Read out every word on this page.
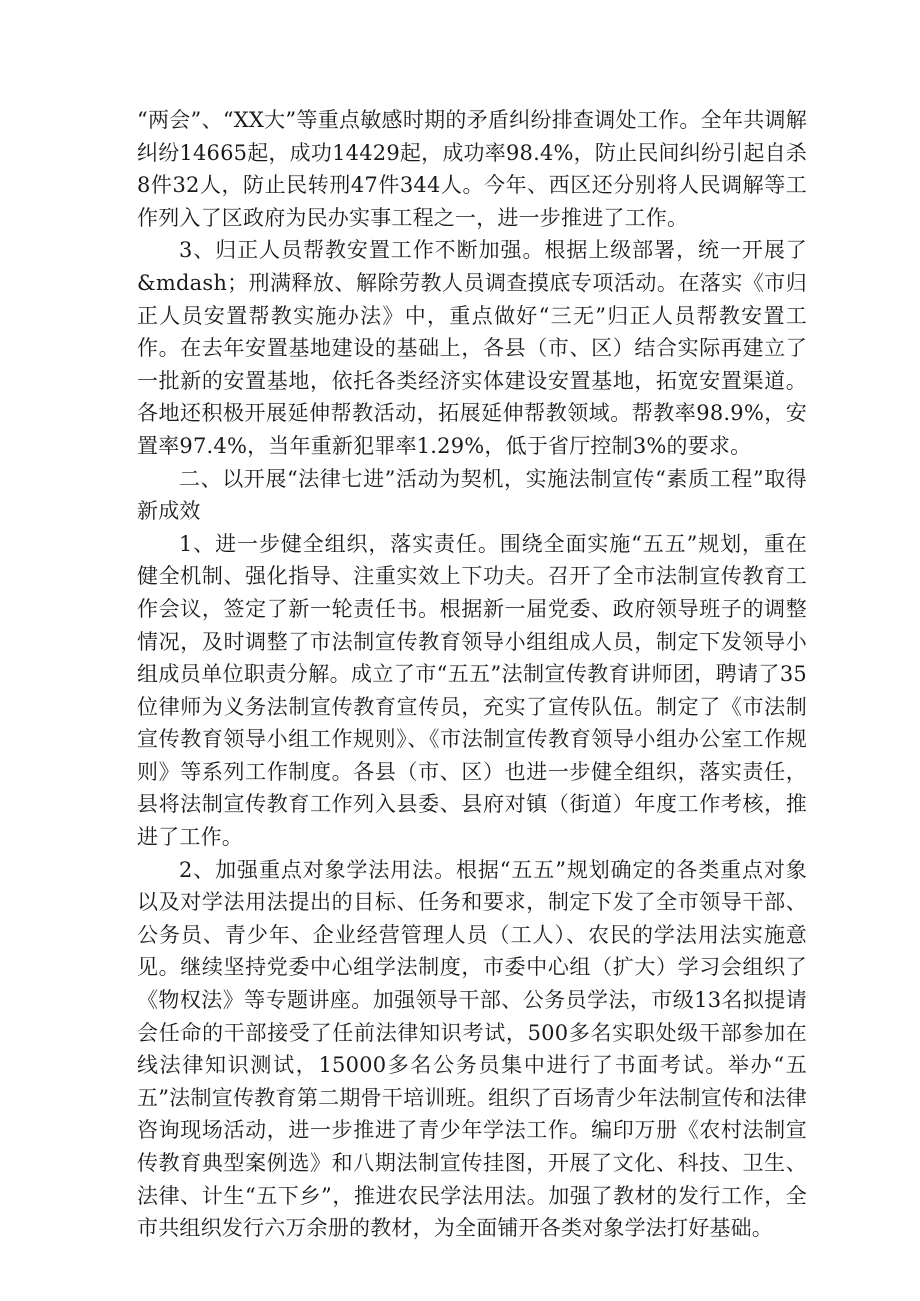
“两会”、“XX大”等重点敏感时期的矛盾纠纷排查调处工作。全年共调解纠纷14665起，成功14429起，成功率98.4%，防止民间纠纷引起自杀8件32人，防止民转刑47件344人。今年、西区还分别将人民调解等工作列入了区政府为民办实事工程之一，进一步推进了工作。

3、归正人员帮教安置工作不断加强。根据上级部署，统一开展了&mdash；刑满释放、解除劳教人员调查摸底专项活动。在落实《市归正人员安置帮教实施办法》中，重点做好“三无”归正人员帮教安置工作。在去年安置基地建设的基础上，各县（市、区）结合实际再建立了一批新的安置基地，依托各类经济实体建设安置基地，拓宽安置渠道。各地还积极开展延伸帮教活动，拓展延伸帮教领域。帮教率98.9%，安置率97.4%，当年重新犯罪率1.29%，低于省厅控制3%的要求。

二、以开展“法律七进”活动为契机，实施法制宣传“素质工程”取得新成效

1、进一步健全组织，落实责任。围绕全面实施“五五”规划，重在健全机制、强化指导、注重实效上下功夫。召开了全市法制宣传教育工作会议，签定了新一轮责任书。根据新一届党委、政府领导班子的调整情况，及时调整了市法制宣传教育领导小组组成人员，制定下发领导小组成员单位职责分解。成立了市“五五”法制宣传教育讲师团，聘请了35位律师为义务法制宣传教育宣传员，充实了宣传队伍。制定了《市法制宣传教育领导小组工作规则》、《市法制宣传教育领导小组办公室工作规则》等系列工作制度。各县（市、区）也进一步健全组织，落实责任，县将法制宣传教育工作列入县委、县府对镇（街道）年度工作考核，推进了工作。

2、加强重点对象学法用法。根据“五五”规划确定的各类重点对象以及对学法用法提出的目标、任务和要求，制定下发了全市领导干部、公务员、青少年、企业经营管理人员（工人）、农民的学法用法实施意见。继续坚持党委中心组学法制度，市委中心组（扩大）学习会组织了《物权法》等专题讲座。加强领导干部、公务员学法，市级13名拟提请会任命的干部接受了任前法律知识考试，500多名实职处级干部参加在线法律知识测试，15000多名公务员集中进行了书面考试。举办“五五”法制宣传教育第二期骨干培训班。组织了百场青少年法制宣传和法律咨询现场活动，进一步推进了青少年学法工作。编印万册《农村法制宣传教育典型案例选》和八期法制宣传挂图，开展了文化、科技、卫生、法律、计生“五下乡”，推进农民学法用法。加强了教材的发行工作，全市共组织发行六万余册的教材，为全面铺开各类对象学法打好基础。
